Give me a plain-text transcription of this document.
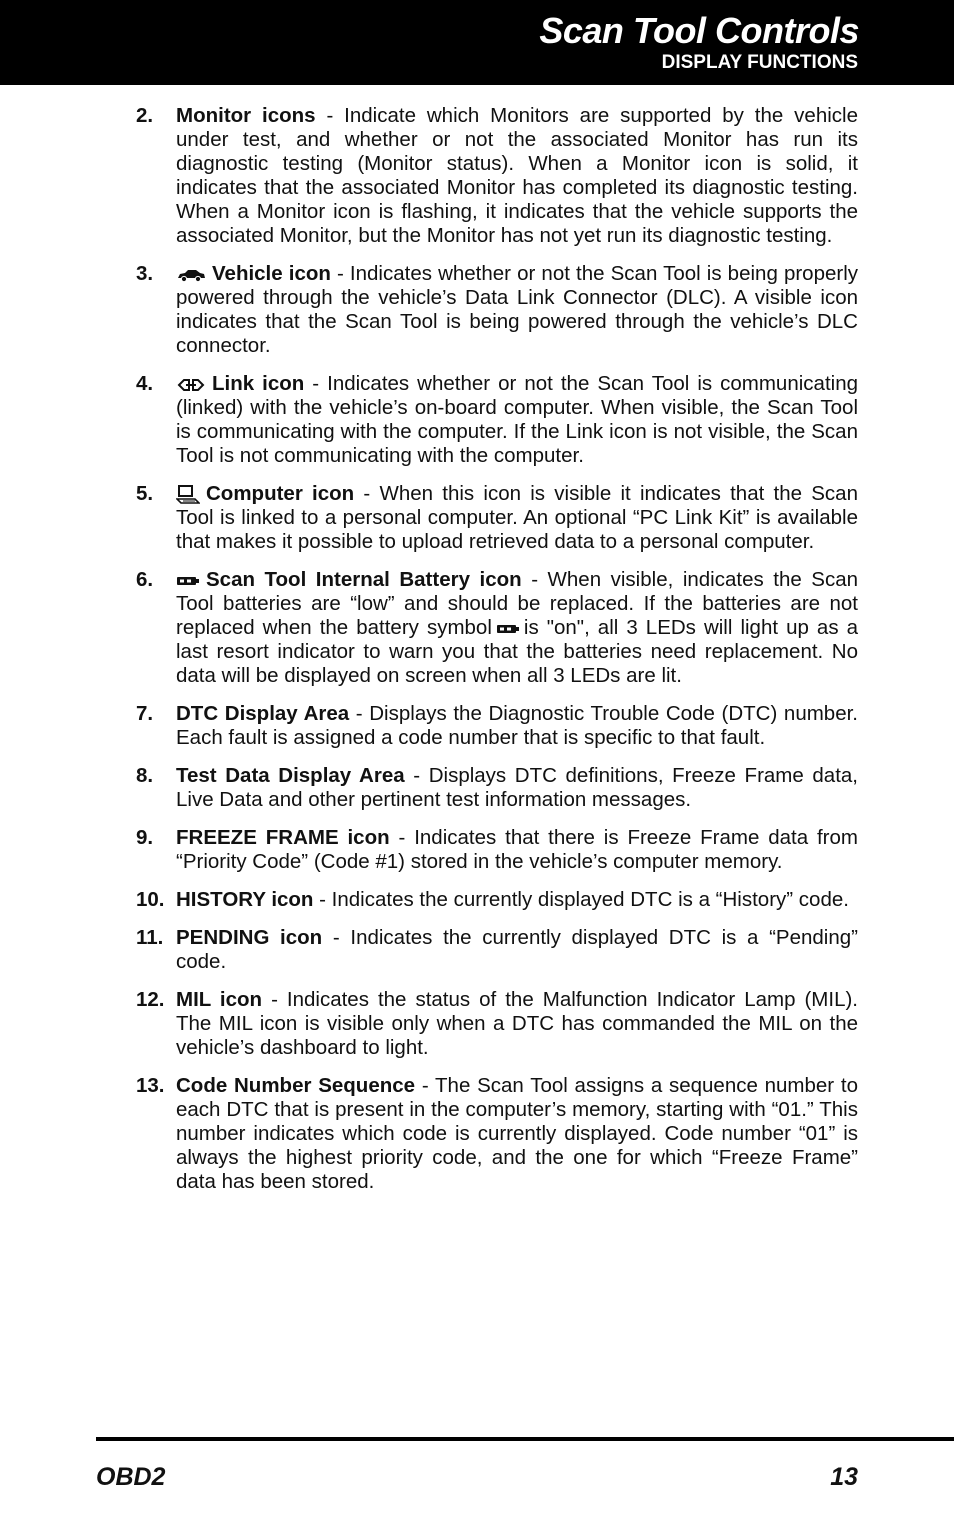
Scan Tool Controls
DISPLAY FUNCTIONS
2.	Monitor icons - Indicate which Monitors are supported by the vehicle under test, and whether or not the associated Monitor has run its diagnostic testing (Monitor status). When a Monitor icon is solid, it indicates that the associated Monitor has completed its diagnostic testing. When a Monitor icon is flashing, it indicates that the vehicle supports the associated Monitor, but the Monitor has not yet run its diagnostic testing.
3.	Vehicle icon - Indicates whether or not the Scan Tool is being properly powered through the vehicle’s Data Link Connector (DLC). A visible icon indicates that the Scan Tool is being powered through the vehicle’s DLC connector.
4.	Link icon - Indicates whether or not the Scan Tool is communicating (linked) with the vehicle’s on-board computer. When visible, the Scan Tool is communicating with the computer. If the Link icon is not visible, the Scan Tool is not communicating with the computer.
5.	Computer icon - When this icon is visible it indicates that the Scan Tool is linked to a personal computer. An optional “PC Link Kit” is available that makes it possible to upload retrieved data to a personal computer.
6.	Scan Tool Internal Battery icon - When visible, indicates the Scan Tool batteries are “low” and should be replaced. If the batteries are not replaced when the battery symbol is "on", all 3 LEDs will light up as a last resort indicator to warn you that the batteries need replacement. No data will be displayed on screen when all 3 LEDs are lit.
7.	DTC Display Area - Displays the Diagnostic Trouble Code (DTC) number. Each fault is assigned a code number that is specific to that fault.
8.	Test Data Display Area - Displays DTC definitions, Freeze Frame data, Live Data and other pertinent test information messages.
9.	FREEZE FRAME icon - Indicates that there is Freeze Frame data from “Priority Code” (Code #1) stored in the vehicle’s computer memory.
10. HISTORY icon - Indicates the currently displayed DTC is a “History” code.
11. PENDING icon - Indicates the currently displayed DTC is a “Pending” code.
12. MIL icon - Indicates the status of the Malfunction Indicator Lamp (MIL). The MIL icon is visible only when a DTC has commanded the MIL on the vehicle’s dashboard to light.
13. Code Number Sequence - The Scan Tool assigns a sequence number to each DTC that is present in the computer’s memory, starting with “01.” This number indicates which code is currently displayed. Code number “01” is always the highest priority code, and the one for which “Freeze Frame” data has been stored.
OBD2	13
